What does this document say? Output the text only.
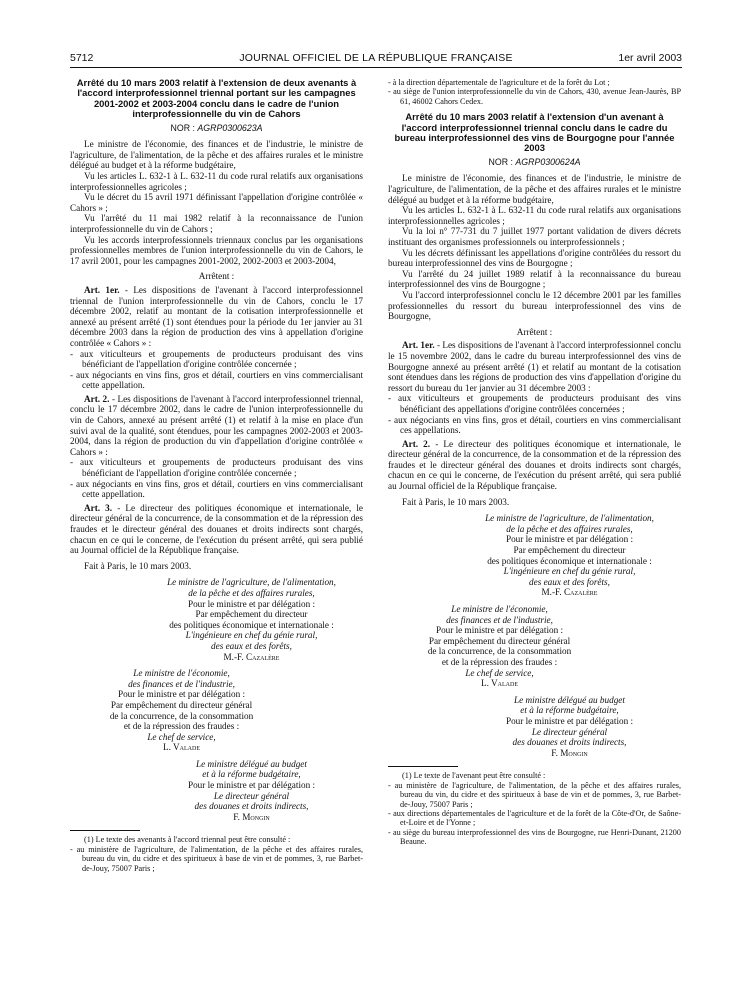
5712	JOURNAL OFFICIEL DE LA RÉPUBLIQUE FRANÇAISE	1er avril 2003
Arrêté du 10 mars 2003 relatif à l'extension de deux avenants à l'accord interprofessionnel triennal portant sur les campagnes 2001-2002 et 2003-2004 conclu dans le cadre de l'union interprofessionnelle du vin de Cahors
NOR : AGRP0300623A

Le ministre de l'économie, des finances et de l'industrie, le ministre de l'agriculture, de l'alimentation, de la pêche et des affaires rurales et le ministre délégué au budget et à la réforme budgétaire,

Vu les articles L. 632-1 à L. 632-11 du code rural relatifs aux organisations interprofessionnelles agricoles ;

Vu le décret du 15 avril 1971 définissant l'appellation d'origine contrôlée « Cahors » ;

Vu l'arrêté du 11 mai 1982 relatif à la reconnaissance de l'union interprofessionnelle du vin de Cahors ;

Vu les accords interprofessionnels triennaux conclus par les organisations professionnelles membres de l'union interprofessionnelle du vin de Cahors, le 17 avril 2001, pour les campagnes 2001-2002, 2002-2003 et 2003-2004,

Arrêtent :

Art. 1er. - Les dispositions de l'avenant à l'accord interprofessionnel triennal de l'union interprofessionnelle du vin de Cahors, conclu le 17 décembre 2002, relatif au montant de la cotisation interprofessionnelle et annexé au présent arrêté (1) sont étendues pour la période du 1er janvier au 31 décembre 2003 dans la région de production des vins à appellation d'origine contrôlée « Cahors » :

- aux viticulteurs et groupements de producteurs produisant des vins bénéficiant de l'appellation d'origine contrôlée concernée ;
- aux négociants en vins fins, gros et détail, courtiers en vins commercialisant cette appellation.

Art. 2. - Les dispositions de l'avenant à l'accord interprofessionnel triennal, conclu le 17 décembre 2002, dans le cadre de l'union interprofessionnelle du vin de Cahors, annexé au présent arrêté (1) et relatif à la mise en place d'un suivi aval de la qualité, sont étendues, pour les campagnes 2002-2003 et 2003-2004, dans la région de production du vin d'appellation d'origine contrôlée « Cahors » :

- aux viticulteurs et groupements de producteurs produisant des vins bénéficiant de l'appellation d'origine contrôlée concernée ;
- aux négociants en vins fins, gros et détail, courtiers en vins commercialisant cette appellation.

Art. 3. - Le directeur des politiques économique et internationale, le directeur général de la concurrence, de la consommation et de la répression des fraudes et le directeur général des douanes et droits indirects sont chargés, chacun en ce qui le concerne, de l'exécution du présent arrêté, qui sera publié au Journal officiel de la République française.

Fait à Paris, le 10 mars 2003.

Le ministre de l'agriculture, de l'alimentation,
de la pêche et des affaires rurales,
Pour le ministre et par délégation :
Par empêchement du directeur
des politiques économique et internationale :
L'ingénieure en chef du génie rural,
des eaux et des forêts,
M.-F. Cazalère
Le ministre de l'économie,
des finances et de l'industrie,
Pour le ministre et par délégation :
Par empêchement du directeur général
de la concurrence, de la consommation
et de la répression des fraudes :
Le chef de service,
L. Valade
Le ministre délégué au budget
et à la réforme budgétaire,
Pour le ministre et par délégation :
Le directeur général
des douanes et droits indirects,
F. Mongin

(1) Le texte des avenants à l'accord triennal peut être consulté :

- au ministère de l'agriculture, de l'alimentation, de la pêche et des affaires rurales, bureau du vin, du cidre et des spiritueux à base de vin et de pommes, 3, rue Barbet-de-Jouy, 75007 Paris ;
- à la direction départementale de l'agriculture et de la forêt du Lot ;
- au siège de l'union interprofessionnelle du vin de Cahors, 430, avenue Jean-Jaurès, BP 61, 46002 Cahors Cedex.
Arrêté du 10 mars 2003 relatif à l'extension d'un avenant à l'accord interprofessionnel triennal conclu dans le cadre du bureau interprofessionnel des vins de Bourgogne pour l'année 2003
NOR : AGRP0300624A

Le ministre de l'économie, des finances et de l'industrie, le ministre de l'agriculture, de l'alimentation, de la pêche et des affaires rurales et le ministre délégué au budget et à la réforme budgétaire,

Vu les articles L. 632-1 à L. 632-11 du code rural relatifs aux organisations interprofessionnelles agricoles ;

Vu la loi n° 77-731 du 7 juillet 1977 portant validation de divers décrets instituant des organismes professionnels ou interprofessionnels ;

Vu les décrets définissant les appellations d'origine contrôlées du ressort du bureau interprofessionnel des vins de Bourgogne ;

Vu l'arrêté du 24 juillet 1989 relatif à la reconnaissance du bureau interprofessionnel des vins de Bourgogne ;

Vu l'accord interprofessionnel conclu le 12 décembre 2001 par les familles professionnelles du ressort du bureau interprofessionnel des vins de Bourgogne,

Arrêtent :

Art. 1er. - Les dispositions de l'avenant à l'accord interprofessionnel conclu le 15 novembre 2002, dans le cadre du bureau interprofessionnel des vins de Bourgogne annexé au présent arrêté (1) et relatif au montant de la cotisation sont étendues dans les régions de production des vins d'appellation d'origine du ressort du bureau du 1er janvier au 31 décembre 2003 :

- aux viticulteurs et groupements de producteurs produisant des vins bénéficiant des appellations d'origine contrôlées concernées ;
- aux négociants en vins fins, gros et détail, courtiers en vins commercialisant ces appellations.

Art. 2. - Le directeur des politiques économique et internationale, le directeur général de la concurrence, de la consommation et de la répression des fraudes et le directeur général des douanes et droits indirects sont chargés, chacun en ce qui le concerne, de l'exécution du présent arrêté, qui sera publié au Journal officiel de la République française.

Fait à Paris, le 10 mars 2003.

Le ministre de l'agriculture, de l'alimentation,
de la pêche et des affaires rurales,
Pour le ministre et par délégation :
Par empêchement du directeur
des politiques économique et internationale :
L'ingénieure en chef du génie rural,
des eaux et des forêts,
M.-F. Cazalère
Le ministre de l'économie,
des finances et de l'industrie,
Pour le ministre et par délégation :
Par empêchement du directeur général
de la concurrence, de la consommation
et de la répression des fraudes :
Le chef de service,
L. Valade
Le ministre délégué au budget
et à la réforme budgétaire,
Pour le ministre et par délégation :
Le directeur général
des douanes et droits indirects,
F. Mongin

(1) Le texte de l'avenant peut être consulté :

- au ministère de l'agriculture, de l'alimentation, de la pêche et des affaires rurales, bureau du vin, du cidre et des spiritueux à base de vin et de pommes, 3, rue Barbet-de-Jouy, 75007 Paris ;
- aux directions départementales de l'agriculture et de la forêt de la Côte-d'Or, de Saône-et-Loire et de l'Yonne ;
- au siège du bureau interprofessionnel des vins de Bourgogne, rue Henri-Dunant, 21200 Beaune.
